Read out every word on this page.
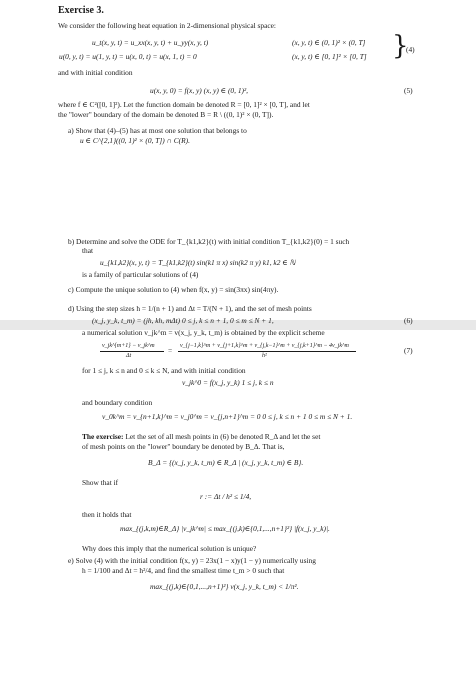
Exercise 3.
We consider the following heat equation in 2-dimensional physical space:
u_t(x, y, t) = u_xx(x, y, t) + u_yy(x, y, t)	(x, y, t) ∈ (0, 1)² × (0, T]
u(0, y, t) = u(1, y, t) = u(x, 0, t) = u(x, 1, t) = 0	(x, y, t) ∈ [0, 1]² × [0, T] }
(4)
and with initial condition
u(x, y, 0) = f(x, y) (x, y) ∈ (0, 1)²,	(5)
where f ∈ C²([0, 1]²). Let the function domain be denoted R = [0, 1]² × [0, T], and let
the "lower" boundary of the domain be denoted B = R \ ((0, 1)² × (0, T]).
a) Show that (4)–(5) has at most one solution that belongs to
u ∈ C^{2,1}((0, 1)² × (0, T]) ∩ C(R).
b) Determine and solve the ODE for T_{k1,k2}(t) with initial condition T_{k1,k2}(0) = 1 such
that
u_{k1,k2}(x, y, t) = T_{k1,k2}(t) sin(k1 π x) sin(k2 π y) k1, k2 ∈ ℕ
is a family of particular solutions of (4)
c) Compute the unique solution to (4) when f(x, y) = sin(3πx) sin(4πy).
d) Using the step sizes h = 1/(n + 1) and Δt = T/(N + 1), and the set of mesh points
(x_j, y_k, t_m) = (jh, kh, mΔt) 0 ≤ j, k ≤ n + 1, 0 ≤ m ≤ N + 1,	(6)
a numerical solution v_jk^m = v(x_j, y_k, t_m) is obtained by the explicit scheme
v_jk^{m+1} − v_jk^m
Δt
= v_{j−1,k}^m + v_{j+1,k}^m + v_{j,k−1}^m + v_{j,k+1}^m − 4v_jk^m
h²
(7)
for 1 ≤ j, k ≤ n and 0 ≤ k ≤ N, and with initial condition
v_jk^0 = f(x_j, y_k) 1 ≤ j, k ≤ n
and boundary condition
v_0k^m = v_{n+1,k}^m = v_j0^m = v_{j,n+1}^m = 0 0 ≤ j, k ≤ n + 1 0 ≤ m ≤ N + 1.
The exercise: Let the set of all mesh points in (6) be denoted R_Δ and let the set
of mesh points on the "lower" boundary be denoted by B_Δ. That is,
B_Δ = {(x_j, y_k, t_m) ∈ R_Δ | (x_j, y_k, t_m) ∈ B}.
Show that if
r := Δt / h² ≤ 1/4,
then it holds that
max_{(j,k,m)∈R_Δ} |v_jk^m| ≤ max_{(j,k)∈{0,1,...,n+1}²} |f(x_j, y_k)|.
Why does this imply that the numerical solution is unique?
e) Solve (4) with the initial condition f(x, y) = 23x(1 − x)y(1 − y) numerically using
h = 1/100 and Δt = h²/4, and find the smallest time t_m > 0 such that
max_{(j,k)∈{0,1,...,n+1}²} v(x_j, y_k, t_m) < 1/π².
